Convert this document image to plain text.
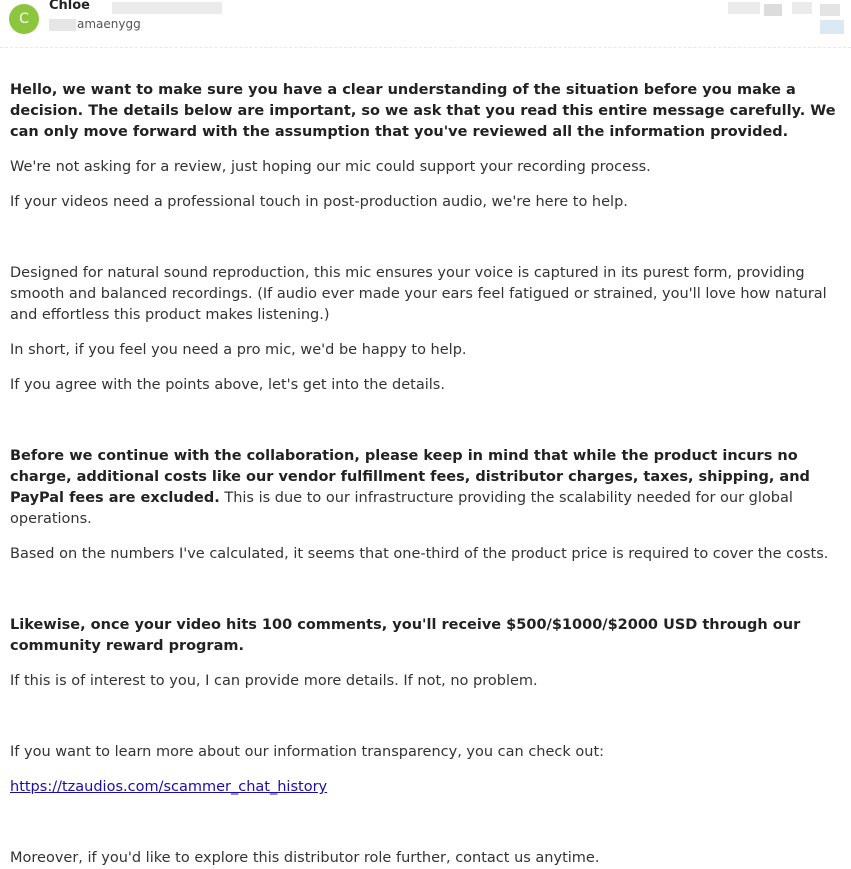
C
Chloe
amaenygg

Hello, we want to make sure you have a clear understanding of the situation before you make a decision. The details below are important, so we ask that you read this entire message carefully. We can only move forward with the assumption that you've reviewed all the information provided.

We're not asking for a review, just hoping our mic could support your recording process.

If your videos need a professional touch in post-production audio, we're here to help.

Designed for natural sound reproduction, this mic ensures your voice is captured in its purest form, providing smooth and balanced recordings. (If audio ever made your ears feel fatigued or strained, you'll love how natural and effortless this product makes listening.)

In short, if you feel you need a pro mic, we'd be happy to help.

If you agree with the points above, let's get into the details.

Before we continue with the collaboration, please keep in mind that while the product incurs no charge, additional costs like our vendor fulfillment fees, distributor charges, taxes, shipping, and PayPal fees are excluded. This is due to our infrastructure providing the scalability needed for our global operations.

Based on the numbers I've calculated, it seems that one-third of the product price is required to cover the costs.

Likewise, once your video hits 100 comments, you'll receive $500/$1000/$2000 USD through our community reward program.

If this is of interest to you, I can provide more details. If not, no problem.

If you want to learn more about our information transparency, you can check out:

https://tzaudios.com/scammer_chat_history

Moreover, if you'd like to explore this distributor role further, contact us anytime.
